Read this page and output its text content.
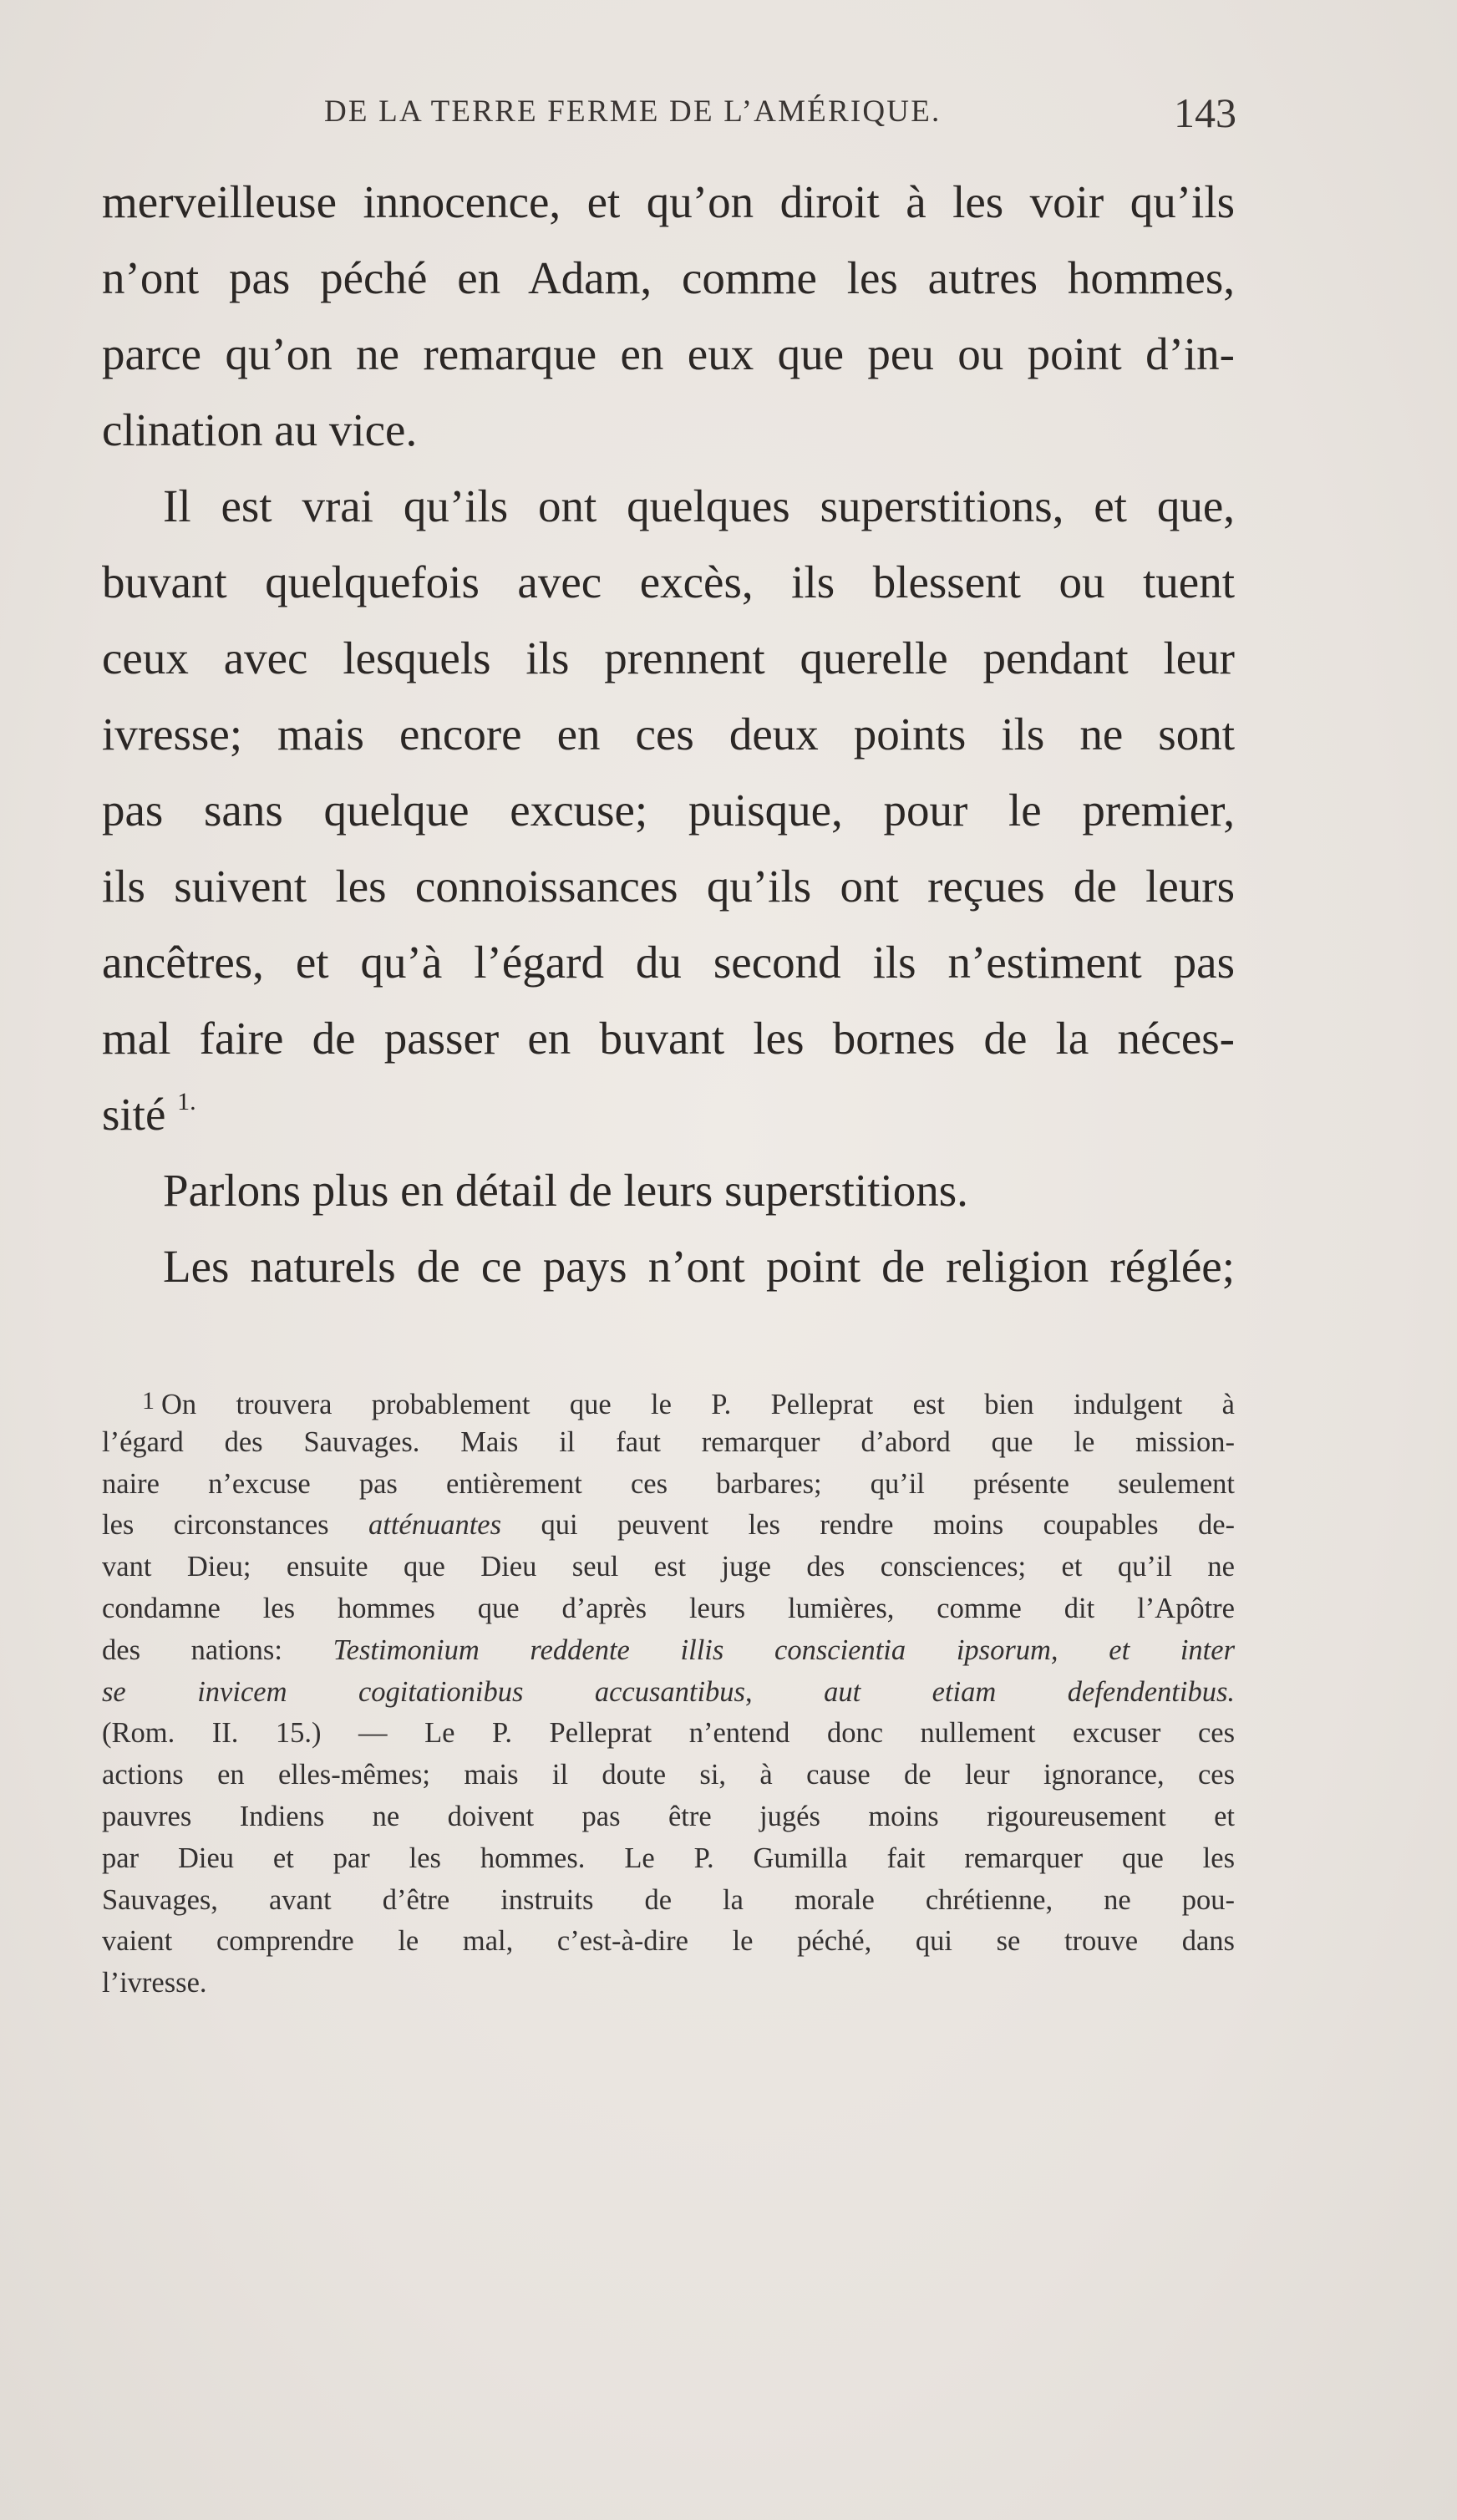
DE LA TERRE FERME DE L’AMÉRIQUE.	143
merveilleuse innocence, et qu’on diroit à les voir qu’ils
n’ont pas péché en Adam, comme les autres hommes,
parce qu’on ne remarque en eux que peu ou point d’in-
clination au vice.
Il est vrai qu’ils ont quelques superstitions, et que,
buvant quelquefois avec excès, ils blessent ou tuent
ceux avec lesquels ils prennent querelle pendant leur
ivresse; mais encore en ces deux points ils ne sont
pas sans quelque excuse; puisque, pour le premier,
ils suivent les connoissances qu’ils ont reçues de leurs
ancêtres, et qu’à l’égard du second ils n’estiment pas
mal faire de passer en buvant les bornes de la néces-
sité $^{1.}$
Parlons plus en détail de leurs superstitions.
Les naturels de ce pays n’ont point de religion réglée;
1 On trouvera probablement que le P. Pelleprat est bien indulgent à
l’égard des Sauvages. Mais il faut remarquer d’abord que le mission-
naire n’excuse pas entièrement ces barbares; qu’il présente seulement
les circonstances atténuantes qui peuvent les rendre moins coupables de-
vant Dieu; ensuite que Dieu seul est juge des consciences; et qu’il ne
condamne les hommes que d’après leurs lumières, comme dit l’Apôtre
des nations: Testimonium reddente illis conscientia ipsorum, et inter
se invicem cogitationibus accusantibus, aut etiam defendentibus.
(Rom. II. 15.) — Le P. Pelleprat n’entend donc nullement excuser ces
actions en elles-mêmes; mais il doute si, à cause de leur ignorance, ces
pauvres Indiens ne doivent pas être jugés moins rigoureusement et
par Dieu et par les hommes. Le P. Gumilla fait remarquer que les
Sauvages, avant d’être instruits de la morale chrétienne, ne pou-
vaient comprendre le mal, c’est-à-dire le péché, qui se trouve dans
l’ivresse.
